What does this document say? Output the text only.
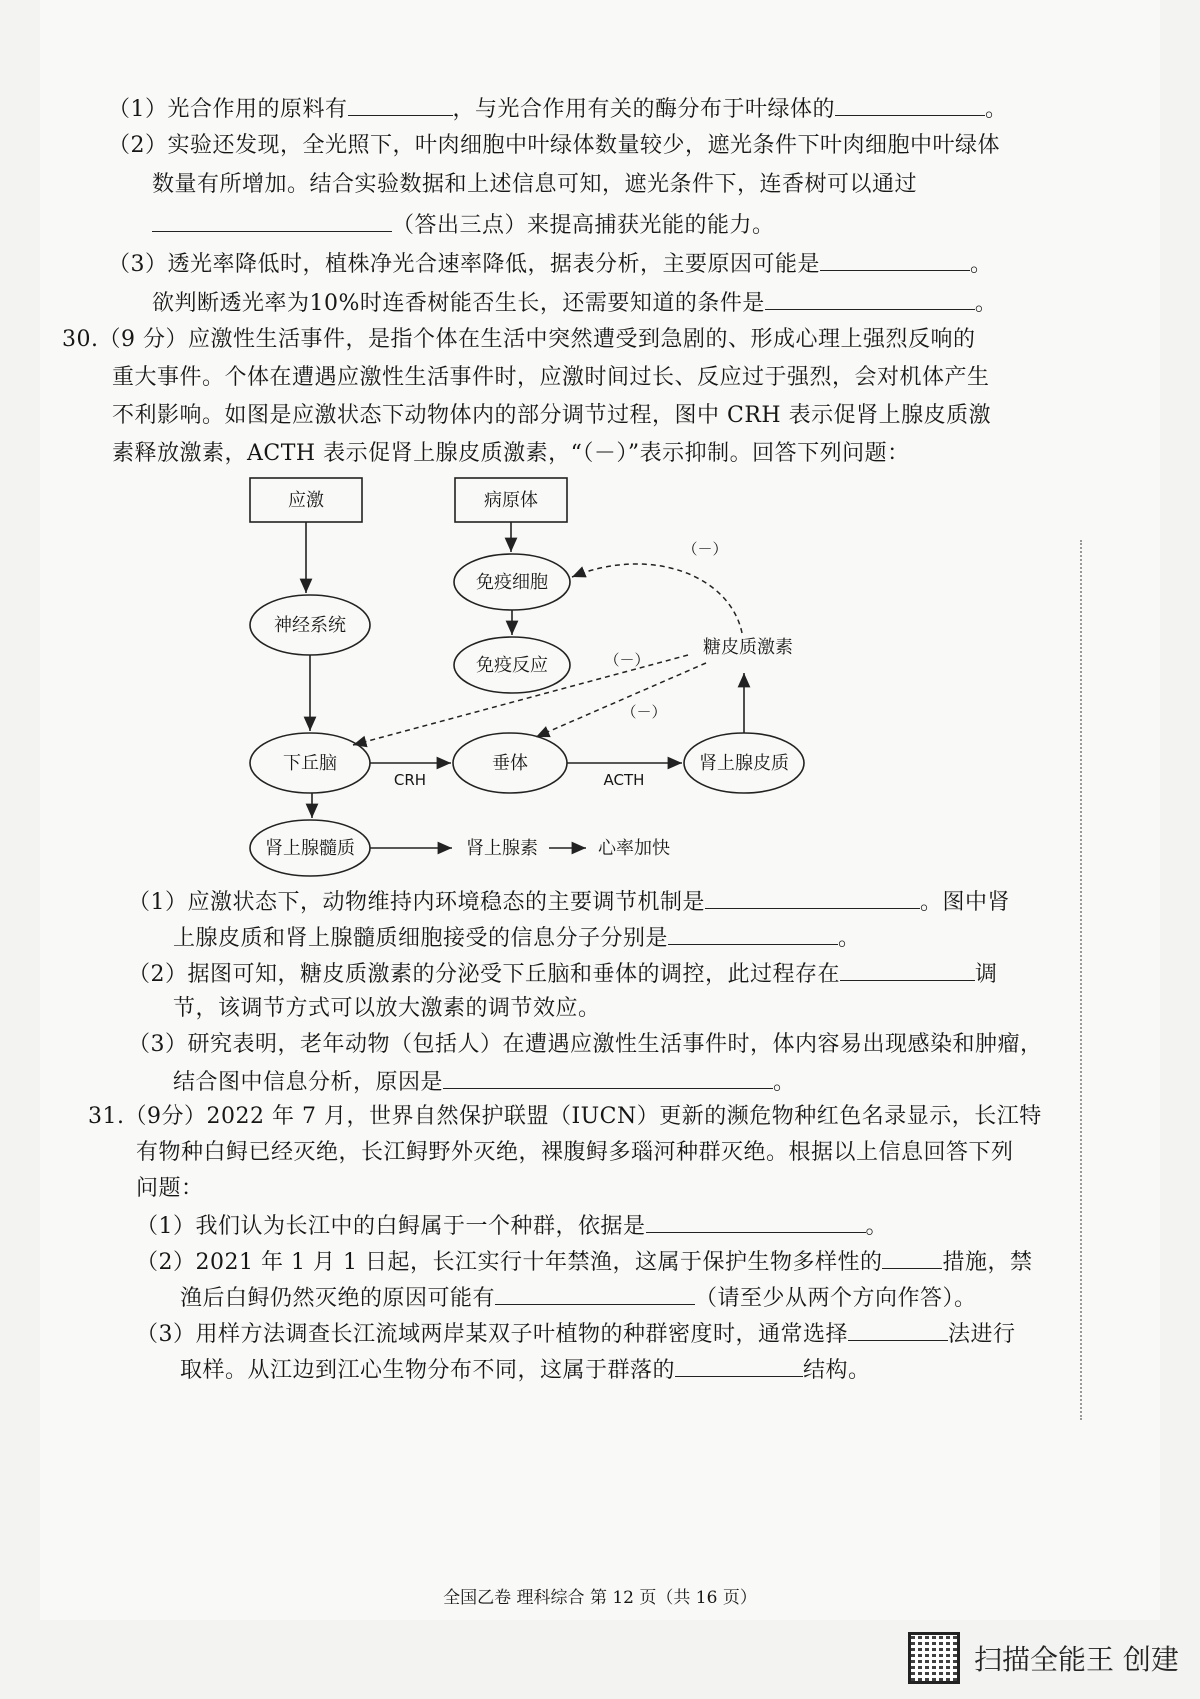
（1）光合作用的原料有	，与光合作用有关的酶分布于叶绿体的	。
（2）实验还发现，全光照下，叶肉细胞中叶绿体数量较少，遮光条件下叶肉细胞中叶绿体
数量有所增加。结合实验数据和上述信息可知，遮光条件下，连香树可以通过
（答出三点）来提高捕获光能的能力。
（3）透光率降低时，植株净光合速率降低，据表分析，主要原因可能是	。
欲判断透光率为10%时连香树能否生长，还需要知道的条件是	。
30.（9 分）应激性生活事件，是指个体在生活中突然遭受到急剧的、形成心理上强烈反响的
重大事件。个体在遭遇应激性生活事件时，应激时间过长、反应过于强烈，会对机体产生
不利影响。如图是应激状态下动物体内的部分调节过程，图中 CRH 表示促肾上腺皮质激
素释放激素，ACTH 表示促肾上腺皮质激素，“（－）”表示抑制。回答下列问题：
应激	病原体
神经系统
免疫细胞
免疫反应
糖皮质激素
下丘脑	垂体	肾上腺皮质
肾上腺髓质	肾上腺素	心率加快
CRH	ACTH
（－）
（－）
（－）
（1）应激状态下，动物维持内环境稳态的主要调节机制是	。图中肾
上腺皮质和肾上腺髓质细胞接受的信息分子分别是	。
（2）据图可知，糖皮质激素的分泌受下丘脑和垂体的调控，此过程存在	调
节，该调节方式可以放大激素的调节效应。
（3）研究表明，老年动物（包括人）在遭遇应激性生活事件时，体内容易出现感染和肿瘤，
结合图中信息分析，原因是	。
31.（9分）2022 年 7 月，世界自然保护联盟（IUCN）更新的濒危物种红色名录显示，长江特
有物种白鲟已经灭绝，长江鲟野外灭绝，裸腹鲟多瑙河种群灭绝。根据以上信息回答下列
问题：
（1）我们认为长江中的白鲟属于一个种群，依据是	。
（2）2021 年 1 月 1 日起，长江实行十年禁渔，这属于保护生物多样性的	措施，禁
渔后白鲟仍然灭绝的原因可能有	（请至少从两个方向作答）。
（3）用样方法调查长江流域两岸某双子叶植物的种群密度时，通常选择	法进行
取样。从江边到江心生物分布不同，这属于群落的	结构。
全国乙卷 理科综合 第 12 页（共 16 页）
扫描全能王 创建
